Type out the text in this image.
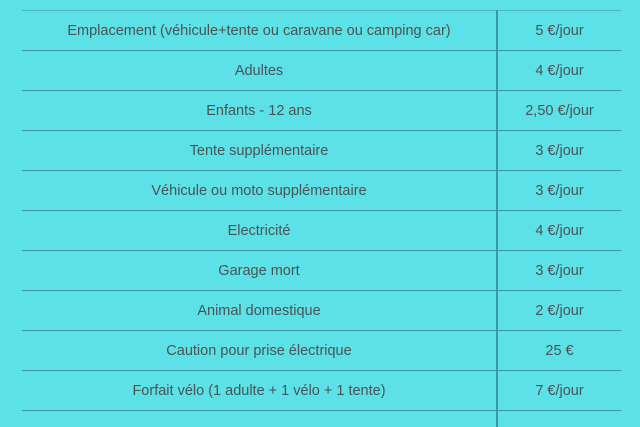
Emplacement (véhicule+tente ou caravane ou camping car)	5 €/jour
Adultes	4 €/jour
Enfants - 12 ans	2,50 €/jour
Tente supplémentaire	3 €/jour
Véhicule ou moto supplémentaire	3 €/jour
Electricité	4 €/jour
Garage mort	3 €/jour
Animal domestique	2 €/jour
Caution pour prise électrique	25 €
Forfait vélo (1 adulte + 1 vélo + 1 tente)	7 €/jour
